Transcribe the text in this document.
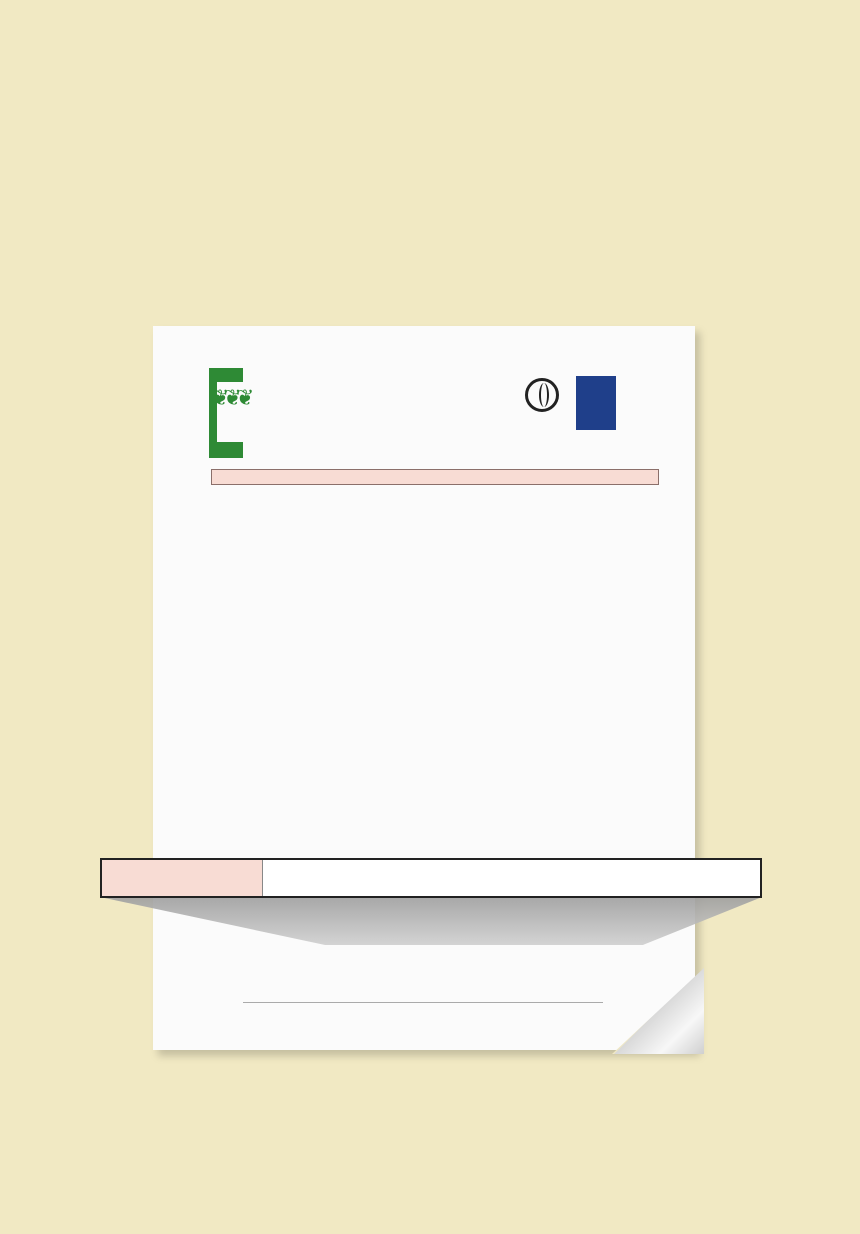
❦❦❦
